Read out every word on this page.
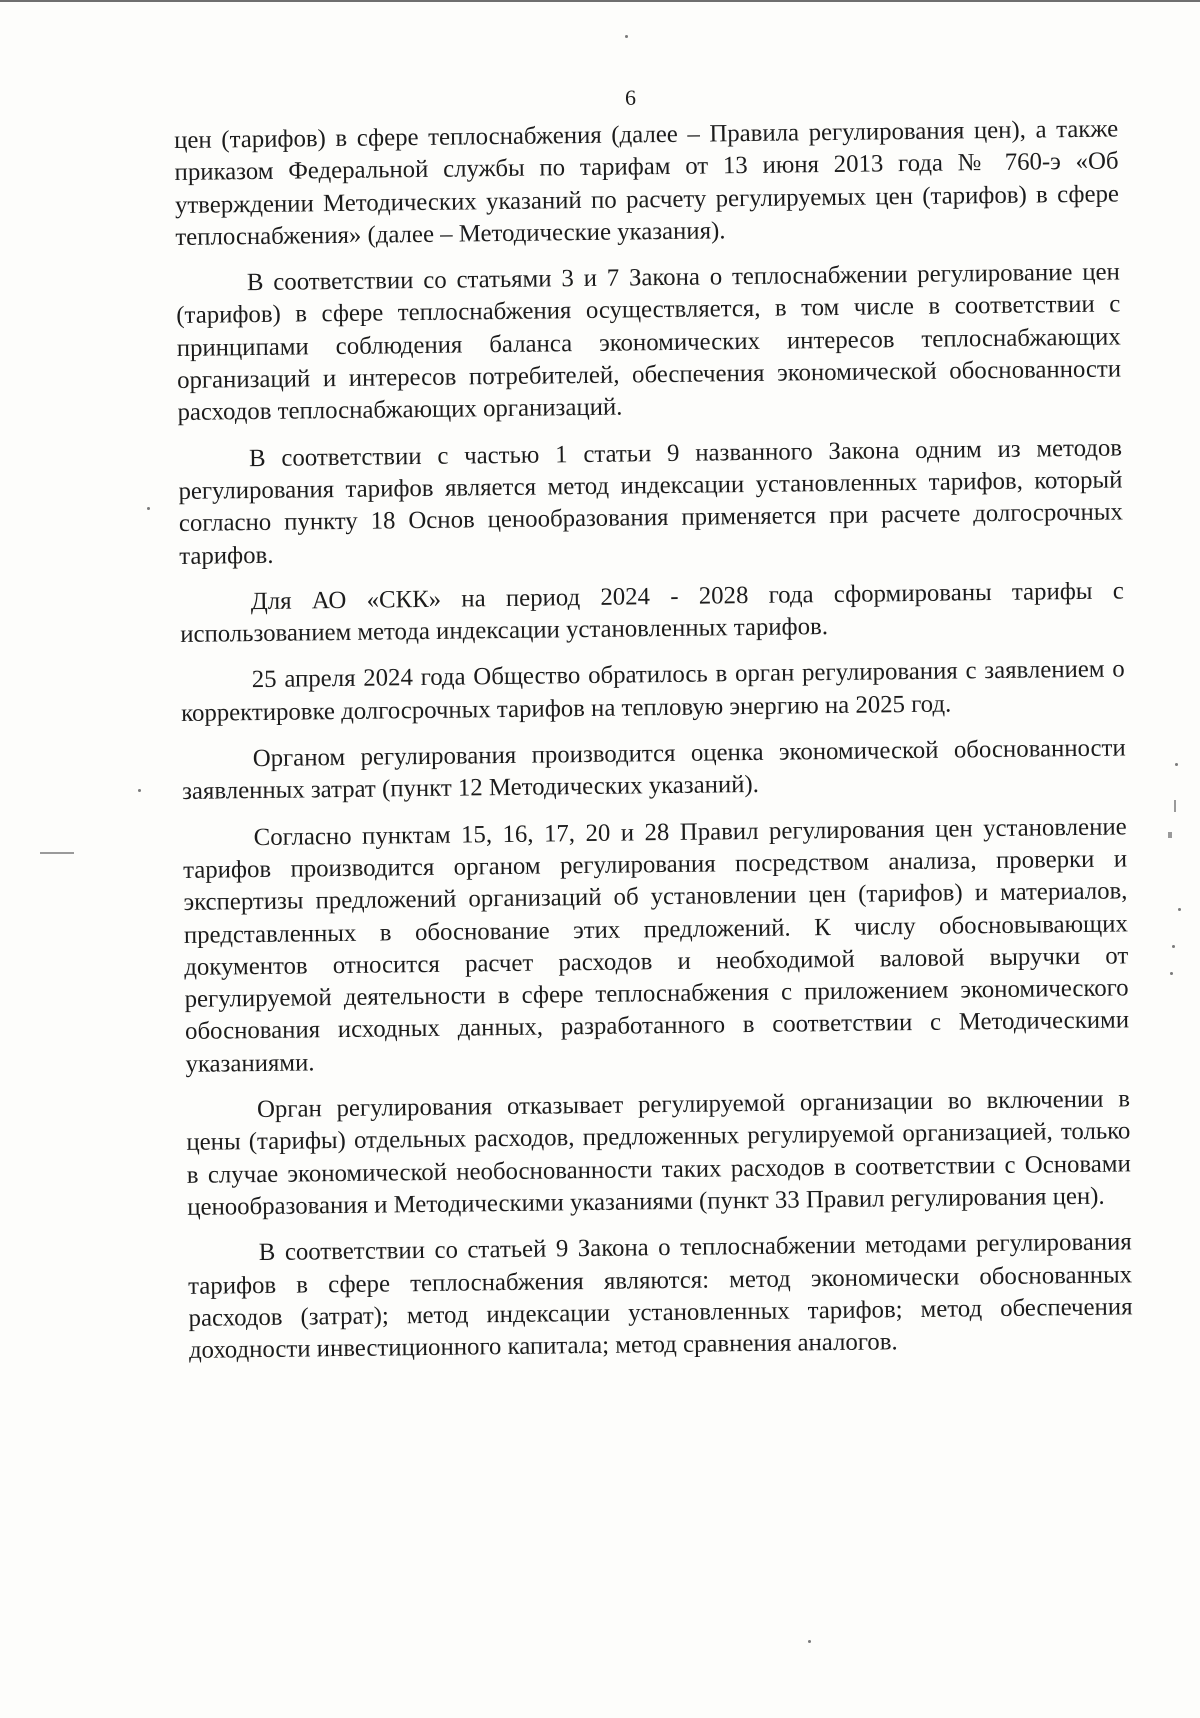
6

цен (тарифов) в сфере теплоснабжения (далее – Правила регулирования цен), а также приказом Федеральной службы по тарифам от 13 июня 2013 года № 760-э «Об утверждении Методических указаний по расчету регулируемых цен (тарифов) в сфере теплоснабжения» (далее – Методические указания).

В соответствии со статьями 3 и 7 Закона о теплоснабжении регулирование цен (тарифов) в сфере теплоснабжения осуществляется, в том числе в соответствии с принципами соблюдения баланса экономических интересов теплоснабжающих организаций и интересов потребителей, обеспечения экономической обоснованности расходов теплоснабжающих организаций.

В соответствии с частью 1 статьи 9 названного Закона одним из методов регулирования тарифов является метод индексации установленных тарифов, который согласно пункту 18 Основ ценообразования применяется при расчете долгосрочных тарифов.

Для АО «СКК» на период 2024 - 2028 года сформированы тарифы с использованием метода индексации установленных тарифов.

25 апреля 2024 года Общество обратилось в орган регулирования с заявлением о корректировке долгосрочных тарифов на тепловую энергию на 2025 год.

Органом регулирования производится оценка экономической обоснованности заявленных затрат (пункт 12 Методических указаний).

Согласно пунктам 15, 16, 17, 20 и 28 Правил регулирования цен установление тарифов производится органом регулирования посредством анализа, проверки и экспертизы предложений организаций об установлении цен (тарифов) и материалов, представленных в обоснование этих предложений. К числу обосновывающих документов относится расчет расходов и необходимой валовой выручки от регулируемой деятельности в сфере теплоснабжения с приложением экономического обоснования исходных данных, разработанного в соответствии с Методическими указаниями.

Орган регулирования отказывает регулируемой организации во включении в цены (тарифы) отдельных расходов, предложенных регулируемой организацией, только в случае экономической необоснованности таких расходов в соответствии с Основами ценообразования и Методическими указаниями (пункт 33 Правил регулирования цен).

В соответствии со статьей 9 Закона о теплоснабжении методами регулирования тарифов в сфере теплоснабжения являются: метод экономически обоснованных расходов (затрат); метод индексации установленных тарифов; метод обеспечения доходности инвестиционного капитала; метод сравнения аналогов.
